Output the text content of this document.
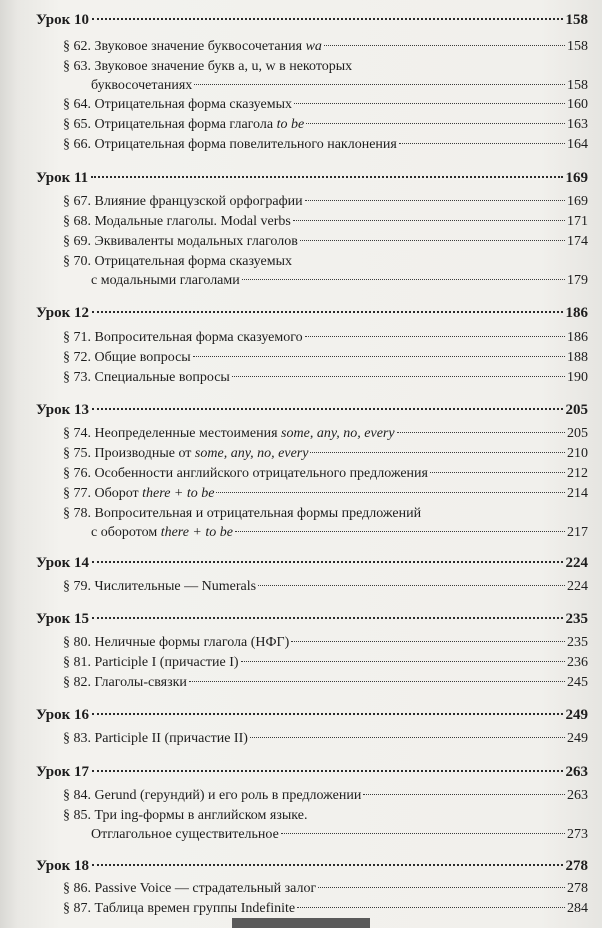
Урок 10	158
§ 62. Звуковое значение буквосочетания wa	158
§ 63. Звуковое значение букв a, u, w в некоторых
буквосочетаниях	158
§ 64. Отрицательная форма сказуемых	160
§ 65. Отрицательная форма глагола to be	163
§ 66. Отрицательная форма повелительного наклонения	164
Урок 11	169
§ 67. Влияние французской орфографии	169
§ 68. Модальные глаголы. Modal verbs	171
§ 69. Эквиваленты модальных глаголов	174
§ 70. Отрицательная форма сказуемых
с модальными глаголами	179
Урок 12	186
§ 71. Вопросительная форма сказуемого	186
§ 72. Общие вопросы	188
§ 73. Специальные вопросы	190
Урок 13	205
§ 74. Неопределенные местоимения some, any, no, every	205
§ 75. Производные от some, any, no, every	210
§ 76. Особенности английского отрицательного предложения	212
§ 77. Оборот there + to be	214
§ 78. Вопросительная и отрицательная формы предложений
с оборотом there + to be	217
Урок 14	224
§ 79. Числительные — Numerals	224
Урок 15	235
§ 80. Неличные формы глагола (НФГ)	235
§ 81. Participle I (причастие I)	236
§ 82. Глаголы-связки	245
Урок 16	249
§ 83. Participle II (причастие II)	249
Урок 17	263
§ 84. Gerund (герундий) и его роль в предложении	263
§ 85. Три ing-формы в английском языке.
Отглагольное существительное	273
Урок 18	278
§ 86. Passive Voice — страдательный залог	278
§ 87. Таблица времен группы Indefinite	284
